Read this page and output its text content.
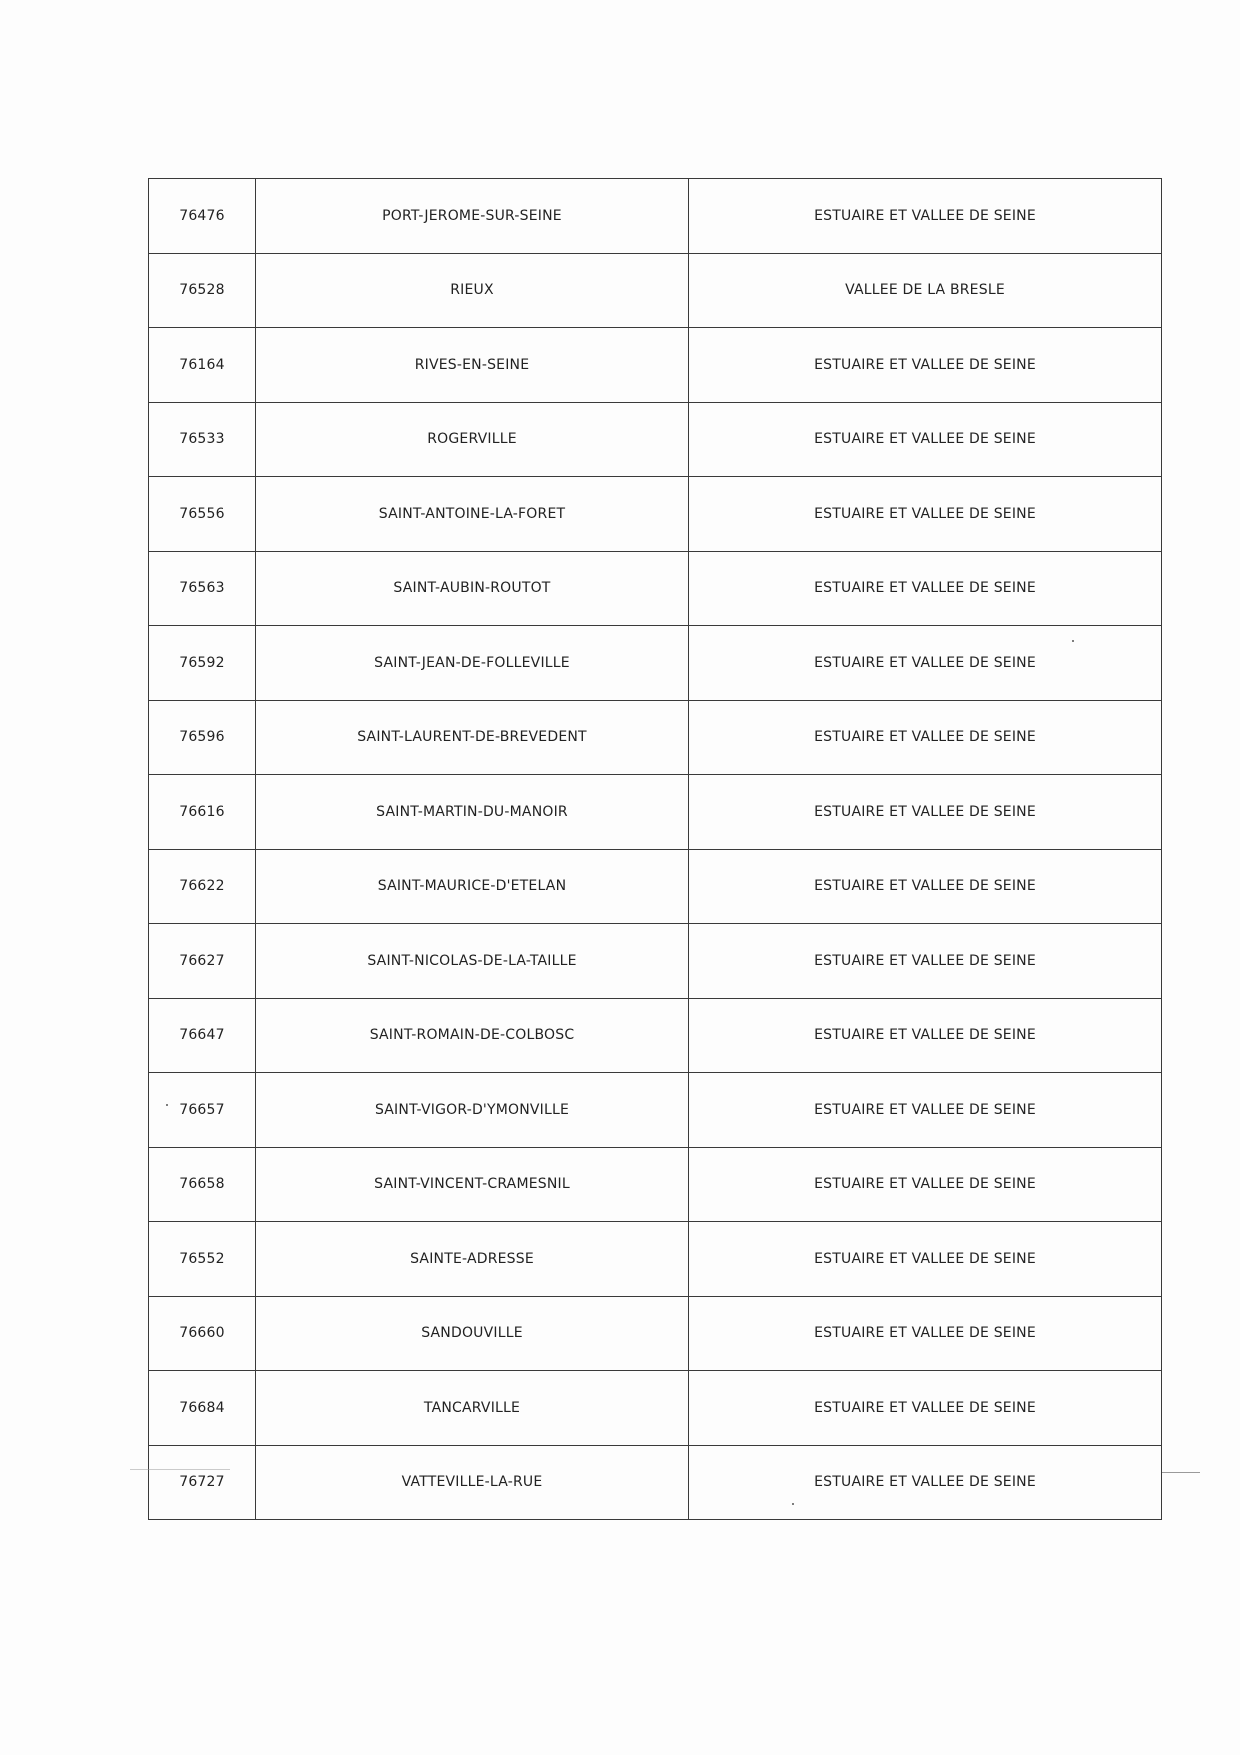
76476	PORT-JEROME-SUR-SEINE	ESTUAIRE ET VALLEE DE SEINE
76528	RIEUX	VALLEE DE LA BRESLE
76164	RIVES-EN-SEINE	ESTUAIRE ET VALLEE DE SEINE
76533	ROGERVILLE	ESTUAIRE ET VALLEE DE SEINE
76556	SAINT-ANTOINE-LA-FORET	ESTUAIRE ET VALLEE DE SEINE
76563	SAINT-AUBIN-ROUTOT	ESTUAIRE ET VALLEE DE SEINE
76592	SAINT-JEAN-DE-FOLLEVILLE	ESTUAIRE ET VALLEE DE SEINE
76596	SAINT-LAURENT-DE-BREVEDENT	ESTUAIRE ET VALLEE DE SEINE
76616	SAINT-MARTIN-DU-MANOIR	ESTUAIRE ET VALLEE DE SEINE
76622	SAINT-MAURICE-D'ETELAN	ESTUAIRE ET VALLEE DE SEINE
76627	SAINT-NICOLAS-DE-LA-TAILLE	ESTUAIRE ET VALLEE DE SEINE
76647	SAINT-ROMAIN-DE-COLBOSC	ESTUAIRE ET VALLEE DE SEINE
76657	SAINT-VIGOR-D'YMONVILLE	ESTUAIRE ET VALLEE DE SEINE
76658	SAINT-VINCENT-CRAMESNIL	ESTUAIRE ET VALLEE DE SEINE
76552	SAINTE-ADRESSE	ESTUAIRE ET VALLEE DE SEINE
76660	SANDOUVILLE	ESTUAIRE ET VALLEE DE SEINE
76684	TANCARVILLE	ESTUAIRE ET VALLEE DE SEINE
76727	VATTEVILLE-LA-RUE	ESTUAIRE ET VALLEE DE SEINE
